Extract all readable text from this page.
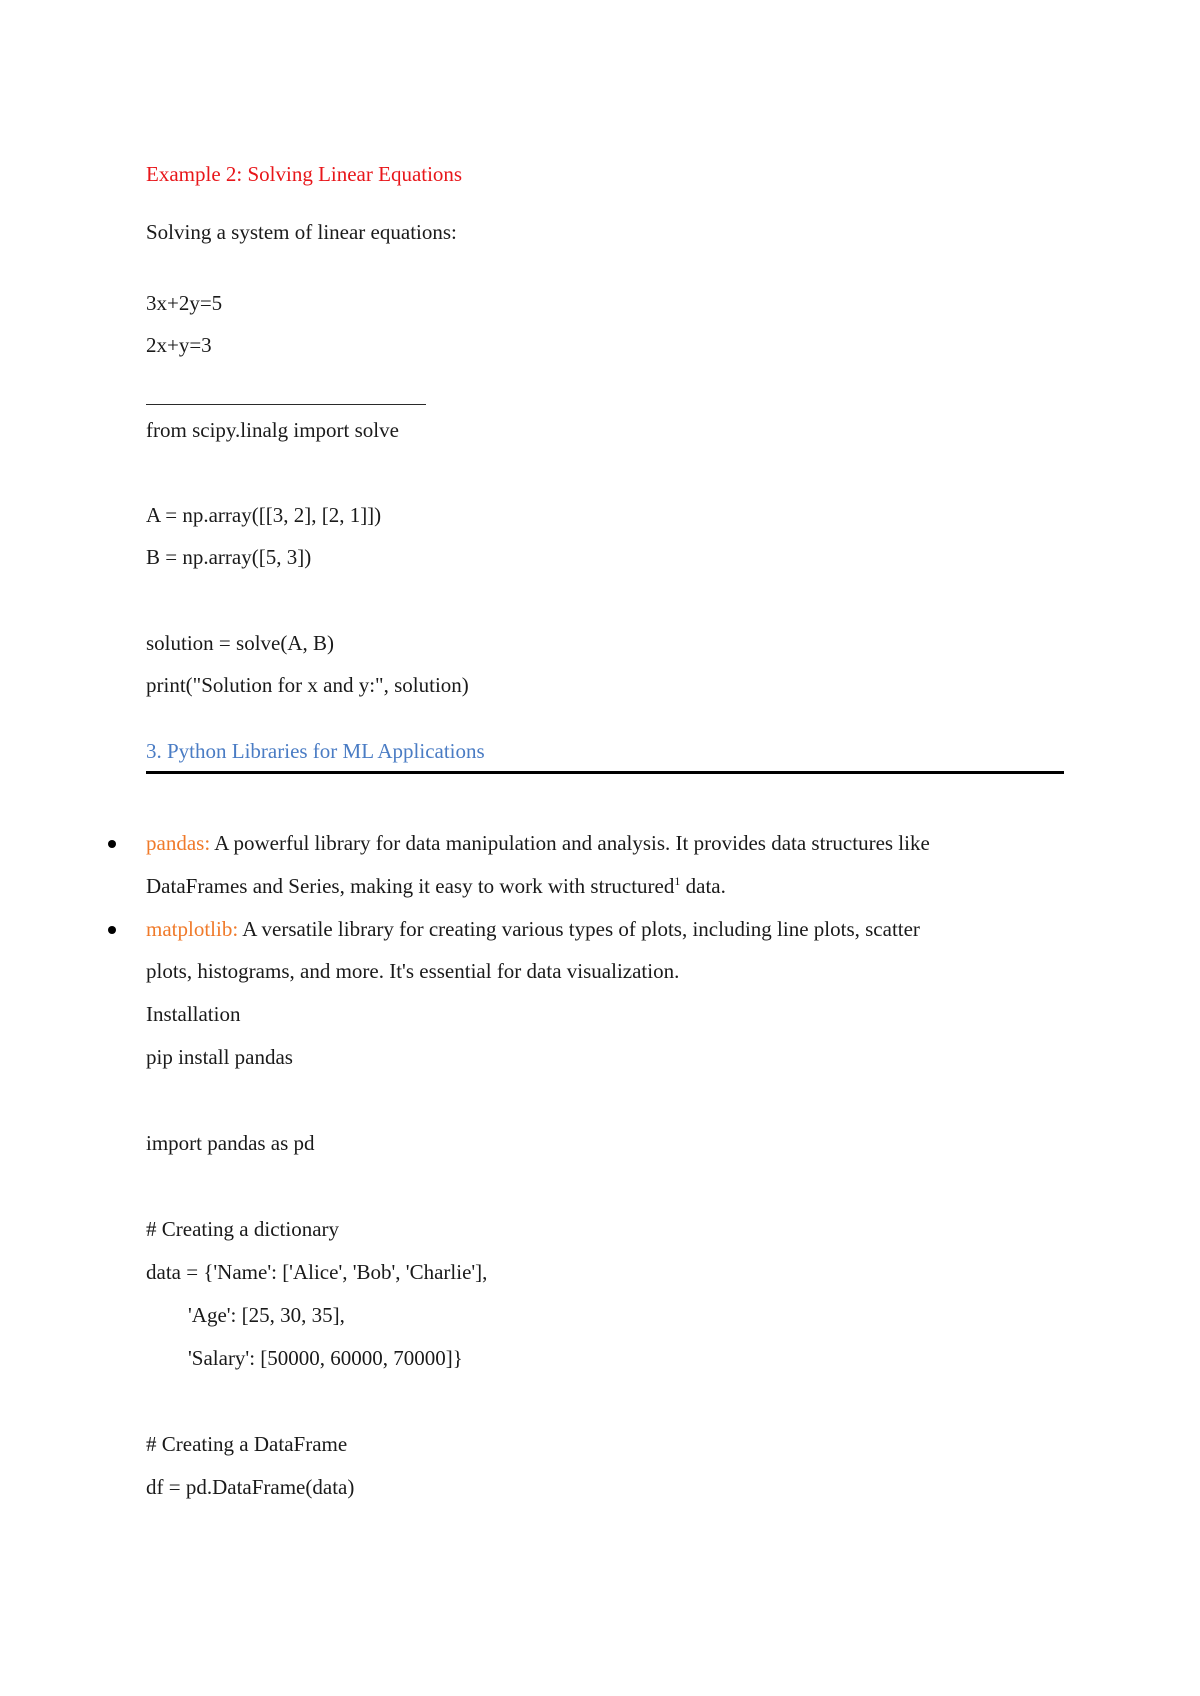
Example 2: Solving Linear Equations
Solving a system of linear equations:
3x+2y=5
2x+y=3
from scipy.linalg import solve
A = np.array([[3, 2], [2, 1]])
B = np.array([5, 3])
solution = solve(A, B)
print("Solution for x and y:", solution)
3. Python Libraries for ML Applications
pandas: A powerful library for data manipulation and analysis. It provides data structures like
DataFrames and Series, making it easy to work with structured$^1$ data.
matplotlib: A versatile library for creating various types of plots, including line plots, scatter
plots, histograms, and more. It's essential for data visualization.
Installation
pip install pandas
import pandas as pd
# Creating a dictionary
data = {'Name': ['Alice', 'Bob', 'Charlie'],
'Age': [25, 30, 35],
'Salary': [50000, 60000, 70000]}
# Creating a DataFrame
df = pd.DataFrame(data)
